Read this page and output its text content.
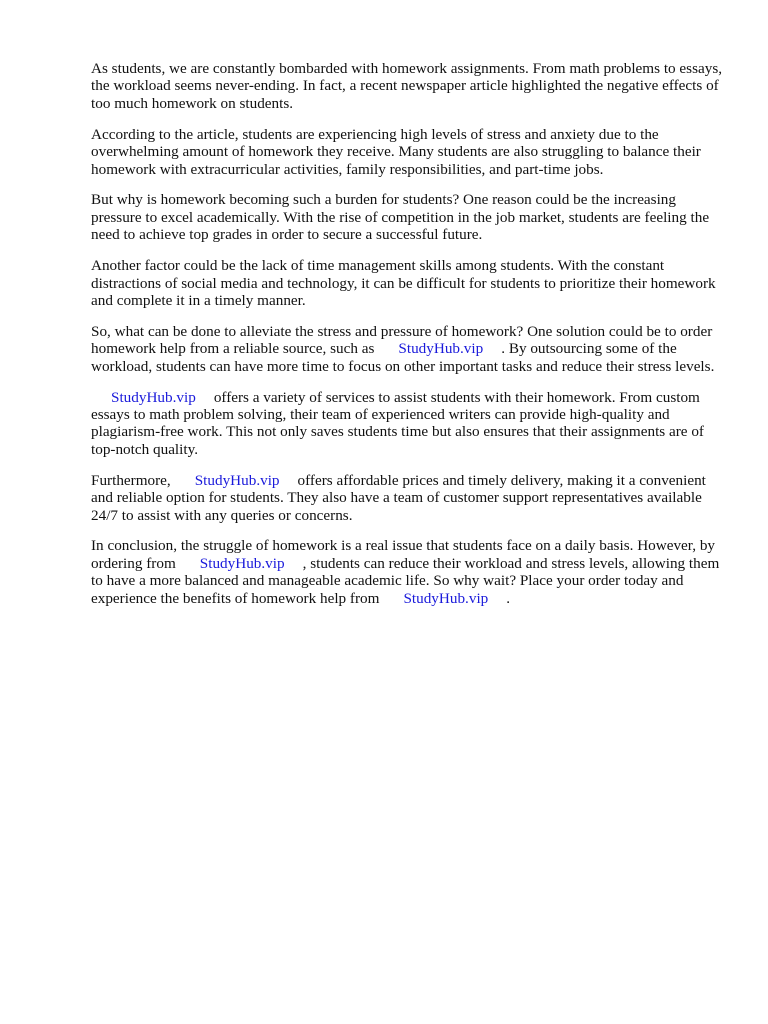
As students, we are constantly bombarded with homework assignments. From math problems to essays, the workload seems never-ending. In fact, a recent newspaper article highlighted the negative effects of too much homework on students.

According to the article, students are experiencing high levels of stress and anxiety due to the overwhelming amount of homework they receive. Many students are also struggling to balance their homework with extracurricular activities, family responsibilities, and part-time jobs.

But why is homework becoming such a burden for students? One reason could be the increasing pressure to excel academically. With the rise of competition in the job market, students are feeling the need to achieve top grades in order to secure a successful future.

Another factor could be the lack of time management skills among students. With the constant distractions of social media and technology, it can be difficult for students to prioritize their homework and complete it in a timely manner.

So, what can be done to alleviate the stress and pressure of homework? One solution could be to order homework help from a reliable source, such as StudyHub.vip . By outsourcing some of the workload, students can have more time to focus on other important tasks and reduce their stress levels.

StudyHub.vip offers a variety of services to assist students with their homework. From custom essays to math problem solving, their team of experienced writers can provide high-quality and plagiarism-free work. This not only saves students time but also ensures that their assignments are of top-notch quality.

Furthermore, StudyHub.vip offers affordable prices and timely delivery, making it a convenient and reliable option for students. They also have a team of customer support representatives available 24/7 to assist with any queries or concerns.

In conclusion, the struggle of homework is a real issue that students face on a daily basis. However, by ordering from StudyHub.vip , students can reduce their workload and stress levels, allowing them to have a more balanced and manageable academic life. So why wait? Place your order today and experience the benefits of homework help from StudyHub.vip .
